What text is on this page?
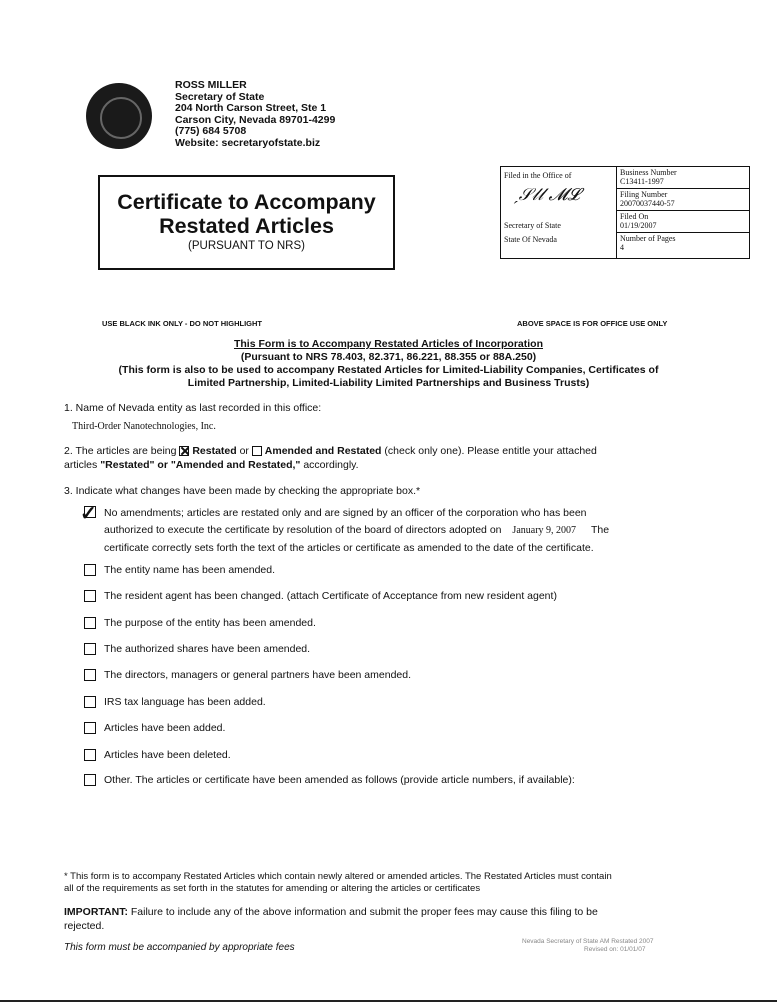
ROSS MILLER
Secretary of State
204 North Carson Street, Ste 1
Carson City, Nevada 89701-4299
(775) 684 5708
Website: secretaryofstate.biz
Certificate to Accompany
Restated Articles
(PURSUANT TO NRS)
Filed in the Office of
ˏ𝒮𝓁𝓁 𝓜𝓛
Secretary of State
State Of Nevada
Business Number
C13411-1997
Filing Number
20070037440-57
Filed On
01/19/2007
Number of Pages
4
USE BLACK INK ONLY - DO NOT HIGHLIGHT	ABOVE SPACE IS FOR OFFICE USE ONLY
This Form is to Accompany Restated Articles of Incorporation
(Pursuant to NRS 78.403, 82.371, 86.221, 88.355 or 88A.250)
(This form is also to be used to accompany Restated Articles for Limited-Liability Companies, Certificates of
Limited Partnership, Limited-Liability Limited Partnerships and Business Trusts)
1. Name of Nevada entity as last recorded in this office:
Third-Order Nanotechnologies, Inc.
2. The articles are being Restated or Amended and Restated (check only one). Please entitle your attached
articles "Restated" or "Amended and Restated," accordingly.
3. Indicate what changes have been made by checking the appropriate box.*
✓ No amendments; articles are restated only and are signed by an officer of the corporation who has been
authorized to execute the certificate by resolution of the board of directors adopted on January 9, 2007 The
certificate correctly sets forth the text of the articles or certificate as amended to the date of the certificate.
The entity name has been amended.
The resident agent has been changed. (attach Certificate of Acceptance from new resident agent)
The purpose of the entity has been amended.
The authorized shares have been amended.
The directors, managers or general partners have been amended.
IRS tax language has been added.
Articles have been added.
Articles have been deleted.
Other. The articles or certificate have been amended as follows (provide article numbers, if available):
* This form is to accompany Restated Articles which contain newly altered or amended articles. The Restated Articles must contain
all of the requirements as set forth in the statutes for amending or altering the articles or certificates
IMPORTANT: Failure to include any of the above information and submit the proper fees may cause this filing to be
rejected.
This form must be accompanied by appropriate fees
Nevada Secretary of State AM Restated 2007
Revised on: 01/01/07
